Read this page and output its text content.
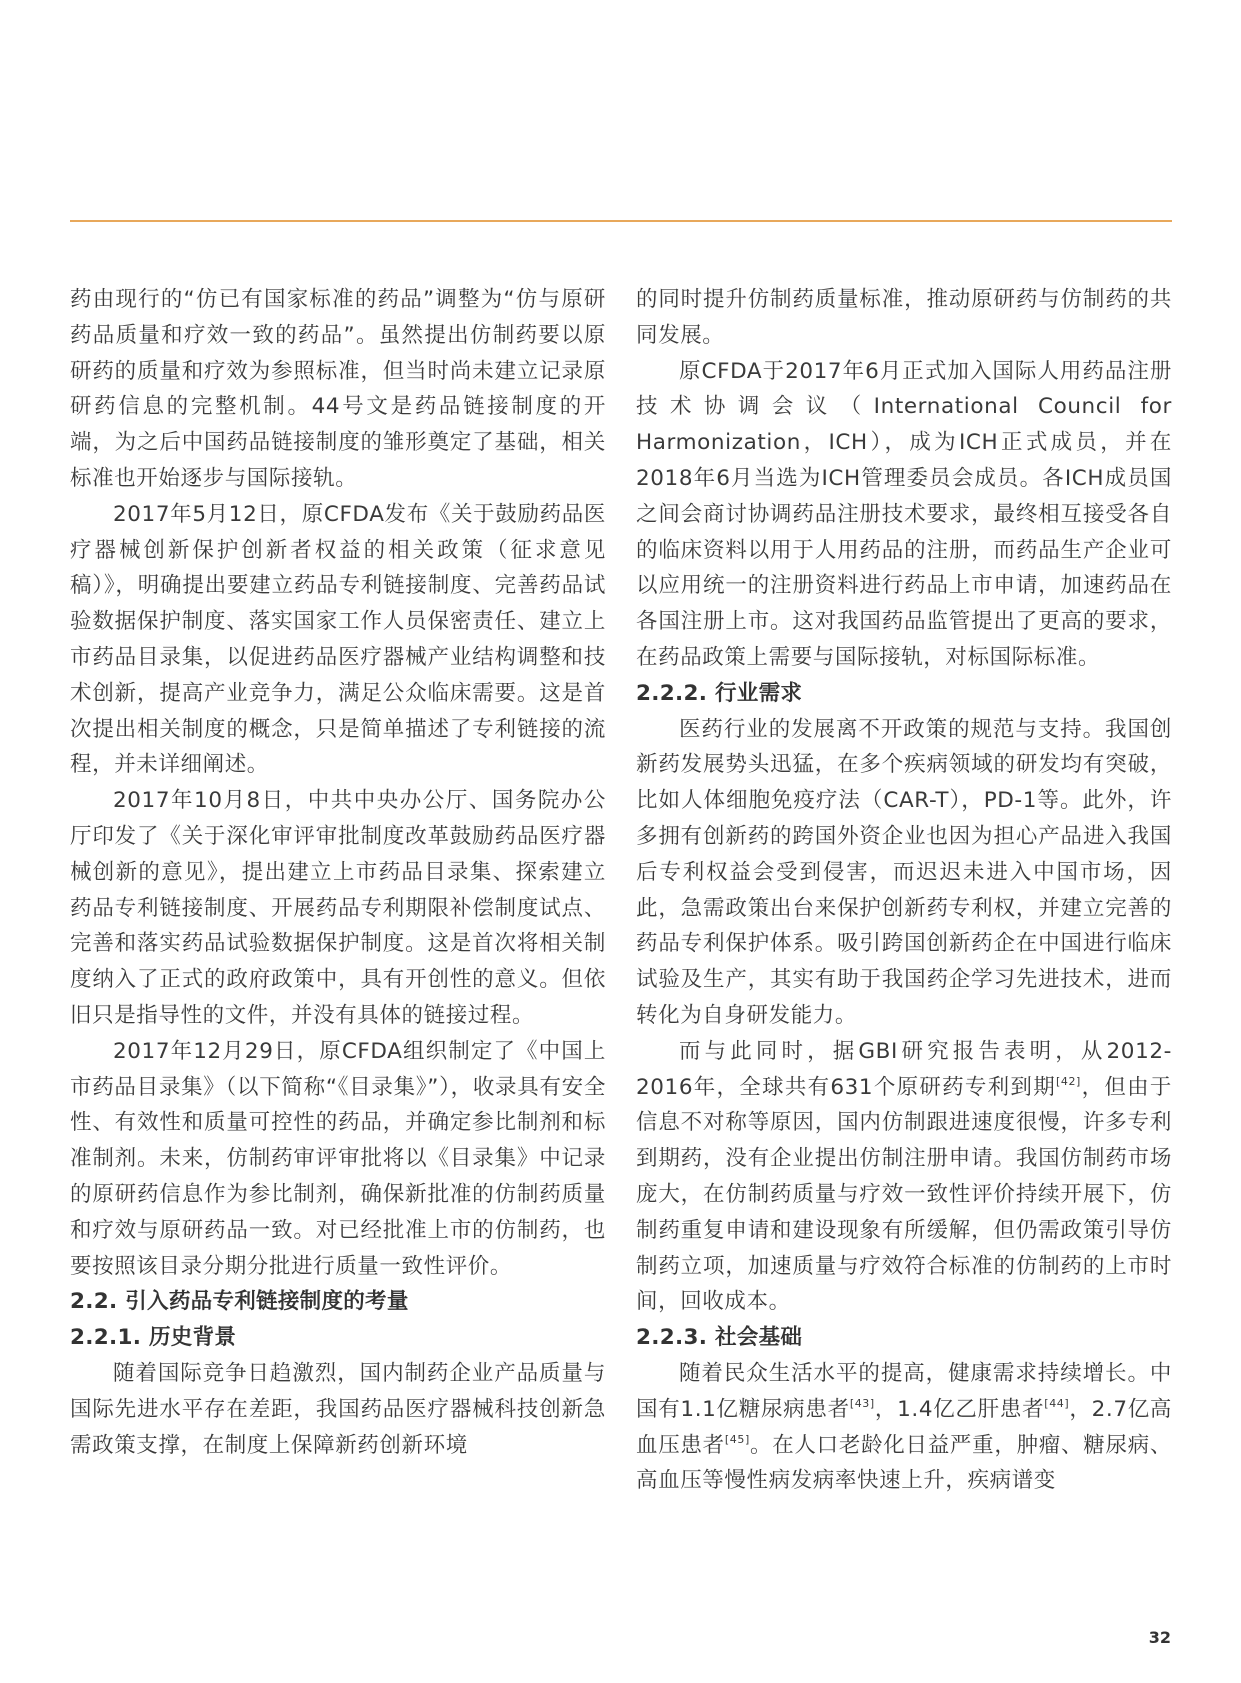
药由现行的“仿已有国家标准的药品”调整为“仿与原研药品质量和疗效一致的药品”。虽然提出仿制药要以原研药的质量和疗效为参照标准，但当时尚未建立记录原研药信息的完整机制。44号文是药品链接制度的开端，为之后中国药品链接制度的雏形奠定了基础，相关标准也开始逐步与国际接轨。

2017年5月12日，原CFDA发布《关于鼓励药品医疗器械创新保护创新者权益的相关政策（征求意见稿）》，明确提出要建立药品专利链接制度、完善药品试验数据保护制度、落实国家工作人员保密责任、建立上市药品目录集，以促进药品医疗器械产业结构调整和技术创新，提高产业竞争力，满足公众临床需要。这是首次提出相关制度的概念，只是简单描述了专利链接的流程，并未详细阐述。

2017年10月8日，中共中央办公厅、国务院办公厅印发了《关于深化审评审批制度改革鼓励药品医疗器械创新的意见》，提出建立上市药品目录集、探索建立药品专利链接制度、开展药品专利期限补偿制度试点、完善和落实药品试验数据保护制度。这是首次将相关制度纳入了正式的政府政策中，具有开创性的意义。但依旧只是指导性的文件，并没有具体的链接过程。

2017年12月29日，原CFDA组织制定了《中国上市药品目录集》（以下简称“《目录集》”），收录具有安全性、有效性和质量可控性的药品，并确定参比制剂和标准制剂。未来，仿制药审评审批将以《目录集》中记录的原研药信息作为参比制剂，确保新批准的仿制药质量和疗效与原研药品一致。对已经批准上市的仿制药，也要按照该目录分期分批进行质量一致性评价。

2.2. 引入药品专利链接制度的考量
2.2.1. 历史背景

随着国际竞争日趋激烈，国内制药企业产品质量与国际先进水平存在差距，我国药品医疗器械科技创新急需政策支撑，在制度上保障新药创新环境

的同时提升仿制药质量标准，推动原研药与仿制药的共同发展。

原CFDA于2017年6月正式加入国际人用药品注册技术协调会议（International Council for Harmonization，ICH），成为ICH正式成员，并在2018年6月当选为ICH管理委员会成员。各ICH成员国之间会商讨协调药品注册技术要求，最终相互接受各自的临床资料以用于人用药品的注册，而药品生产企业可以应用统一的注册资料进行药品上市申请，加速药品在各国注册上市。这对我国药品监管提出了更高的要求，在药品政策上需要与国际接轨，对标国际标准。

2.2.2. 行业需求

医药行业的发展离不开政策的规范与支持。我国创新药发展势头迅猛，在多个疾病领域的研发均有突破，比如人体细胞免疫疗法（CAR-T），PD-1等。此外，许多拥有创新药的跨国外资企业也因为担心产品进入我国后专利权益会受到侵害，而迟迟未进入中国市场，因此，急需政策出台来保护创新药专利权，并建立完善的药品专利保护体系。吸引跨国创新药企在中国进行临床试验及生产，其实有助于我国药企学习先进技术，进而转化为自身研发能力。

而与此同时，据GBI研究报告表明，从2012-2016年，全球共有631个原研药专利到期[42]，但由于信息不对称等原因，国内仿制跟进速度很慢，许多专利到期药，没有企业提出仿制注册申请。我国仿制药市场庞大，在仿制药质量与疗效一致性评价持续开展下，仿制药重复申请和建设现象有所缓解，但仍需政策引导仿制药立项，加速质量与疗效符合标准的仿制药的上市时间，回收成本。

2.2.3. 社会基础

随着民众生活水平的提高，健康需求持续增长。中国有1.1亿糖尿病患者[43]，1.4亿乙肝患者[44]，2.7亿高血压患者[45]。在人口老龄化日益严重，肿瘤、糖尿病、高血压等慢性病发病率快速上升，疾病谱变

32
